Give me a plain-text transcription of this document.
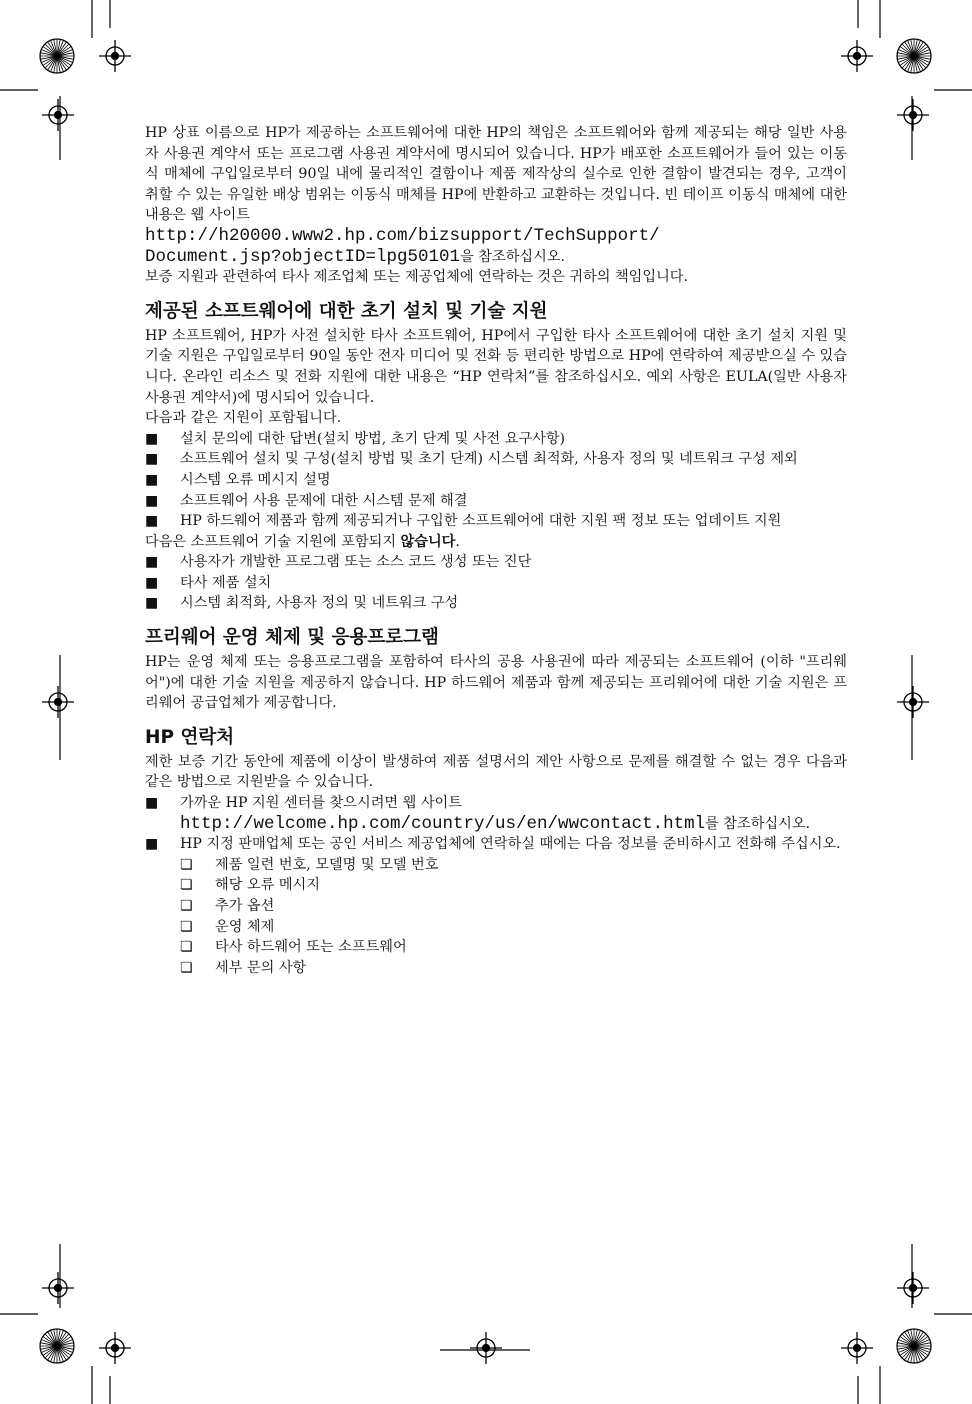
HP 상표 이름으로 HP가 제공하는 소프트웨어에 대한 HP의 책임은 소프트웨어와 함께 제공되는 해당 일반 사용자 사용권 계약서 또는 프로그램 사용권 계약서에 명시되어 있습니다. HP가 배포한 소프트웨어가 들어 있는 이동식 매체에 구입일로부터 90일 내에 물리적인 결함이나 제품 제작상의 실수로 인한 결함이 발견되는 경우, 고객이 취할 수 있는 유일한 배상 범위는 이동식 매체를 HP에 반환하고 교환하는 것입니다. 빈 테이프 이동식 매체에 대한 내용은 웹 사이트

http://h20000.www2.hp.com/bizsupport/TechSupport/

Document.jsp?objectID=lpg50101을 참조하십시오.

보증 지원과 관련하여 타사 제조업체 또는 제공업체에 연락하는 것은 귀하의 책임입니다.

제공된 소프트웨어에 대한 초기 설치 및 기술 지원

HP 소프트웨어, HP가 사전 설치한 타사 소프트웨어, HP에서 구입한 타사 소프트웨어에 대한 초기 설치 지원 및 기술 지원은 구입일로부터 90일 동안 전자 미디어 및 전화 등 편리한 방법으로 HP에 연락하여 제공받으실 수 있습니다. 온라인 리소스 및 전화 지원에 대한 내용은 “HP 연락처”를 참조하십시오. 예외 사항은 EULA(일반 사용자 사용권 계약서)에 명시되어 있습니다.

다음과 같은 지원이 포함됩니다.

■ 설치 문의에 대한 답변(설치 방법, 초기 단계 및 사전 요구사항)
■ 소프트웨어 설치 및 구성(설치 방법 및 초기 단계) 시스템 최적화, 사용자 정의 및 네트워크 구성 제외
■ 시스템 오류 메시지 설명
■ 소프트웨어 사용 문제에 대한 시스템 문제 해결
■ HP 하드웨어 제품과 함께 제공되거나 구입한 소프트웨어에 대한 지원 팩 정보 또는 업데이트 지원

다음은 소프트웨어 기술 지원에 포함되지 않습니다.

■ 사용자가 개발한 프로그램 또는 소스 코드 생성 또는 진단
■ 타사 제품 설치
■ 시스템 최적화, 사용자 정의 및 네트워크 구성
프리웨어 운영 체제 및 응용프로그램

HP는 운영 체제 또는 응용프로그램을 포함하여 타사의 공용 사용권에 따라 제공되는 소프트웨어 (이하 "프리웨어")에 대한 기술 지원을 제공하지 않습니다. HP 하드웨어 제품과 함께 제공되는 프리웨어에 대한 기술 지원은 프리웨어 공급업체가 제공합니다.

HP 연락처

제한 보증 기간 동안에 제품에 이상이 발생하여 제품 설명서의 제안 사항으로 문제를 해결할 수 없는 경우 다음과 같은 방법으로 지원받을 수 있습니다.

■ 가까운 HP 지원 센터를 찾으시려면 웹 사이트
http://welcome.hp.com/country/us/en/wwcontact.html를 참조하십시오.
■ HP 지정 판매업체 또는 공인 서비스 제공업체에 연락하실 때에는 다음 정보를 준비하시고 전화해 주십시오.
❏ 제품 일련 번호, 모델명 및 모델 번호
❏ 해당 오류 메시지
❏ 추가 옵션
❏ 운영 체제
❏ 타사 하드웨어 또는 소프트웨어
❏ 세부 문의 사항
